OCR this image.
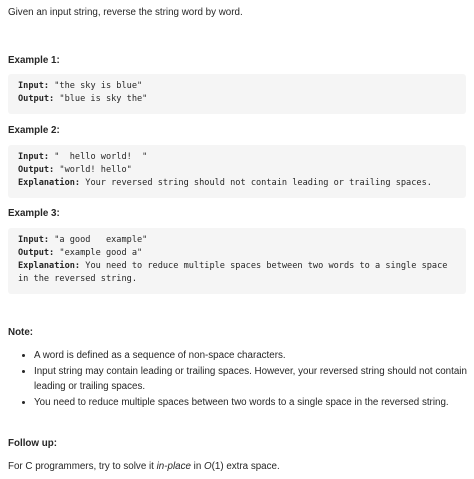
Given an input string, reverse the string word by word.

Example 1:
Input: "the sky is blue"
Output: "blue is sky the"
Example 2:
Input: "  hello world!  "
Output: "world! hello"
Explanation: Your reversed string should not contain leading or trailing spaces.
Example 3:
Input: "a good   example"
Output: "example good a"
Explanation: You need to reduce multiple spaces between two words to a single space
in the reversed string.
Note:
• A word is defined as a sequence of non-space characters.
• Input string may contain leading or trailing spaces. However, your reversed string should not contain leading or trailing spaces.
• You need to reduce multiple spaces between two words to a single space in the reversed string.
Follow up:

For C programmers, try to solve it in-place in O(1) extra space.
